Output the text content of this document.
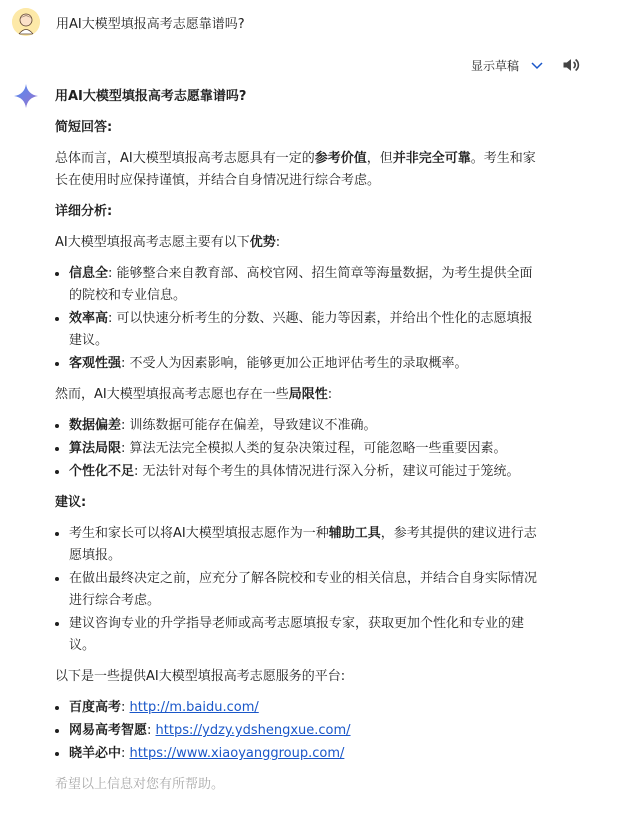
用AI大模型填报高考志愿靠谱吗?
显示草稿

用AI大模型填报高考志愿靠谱吗?

简短回答:

总体而言，AI大模型填报高考志愿具有一定的参考价值，但并非完全可靠。考生和家长在使用时应保持谨慎，并结合自身情况进行综合考虑。

详细分析:

AI大模型填报高考志愿主要有以下优势:

信息全: 能够整合来自教育部、高校官网、招生简章等海量数据，为考生提供全面的院校和专业信息。
效率高: 可以快速分析考生的分数、兴趣、能力等因素，并给出个性化的志愿填报建议。
客观性强: 不受人为因素影响，能够更加公正地评估考生的录取概率。

然而，AI大模型填报高考志愿也存在一些局限性:

数据偏差: 训练数据可能存在偏差，导致建议不准确。
算法局限: 算法无法完全模拟人类的复杂决策过程，可能忽略一些重要因素。
个性化不足: 无法针对每个考生的具体情况进行深入分析，建议可能过于笼统。

建议:

考生和家长可以将AI大模型填报志愿作为一种辅助工具，参考其提供的建议进行志愿填报。
在做出最终决定之前，应充分了解各院校和专业的相关信息，并结合自身实际情况进行综合考虑。
建议咨询专业的升学指导老师或高考志愿填报专家，获取更加个性化和专业的建议。

以下是一些提供AI大模型填报高考志愿服务的平台:

百度高考: http://m.baidu.com/
网易高考智愿: https://ydzy.ydshengxue.com/
晓羊必中: https://www.xiaoyanggroup.com/

希望以上信息对您有所帮助。
